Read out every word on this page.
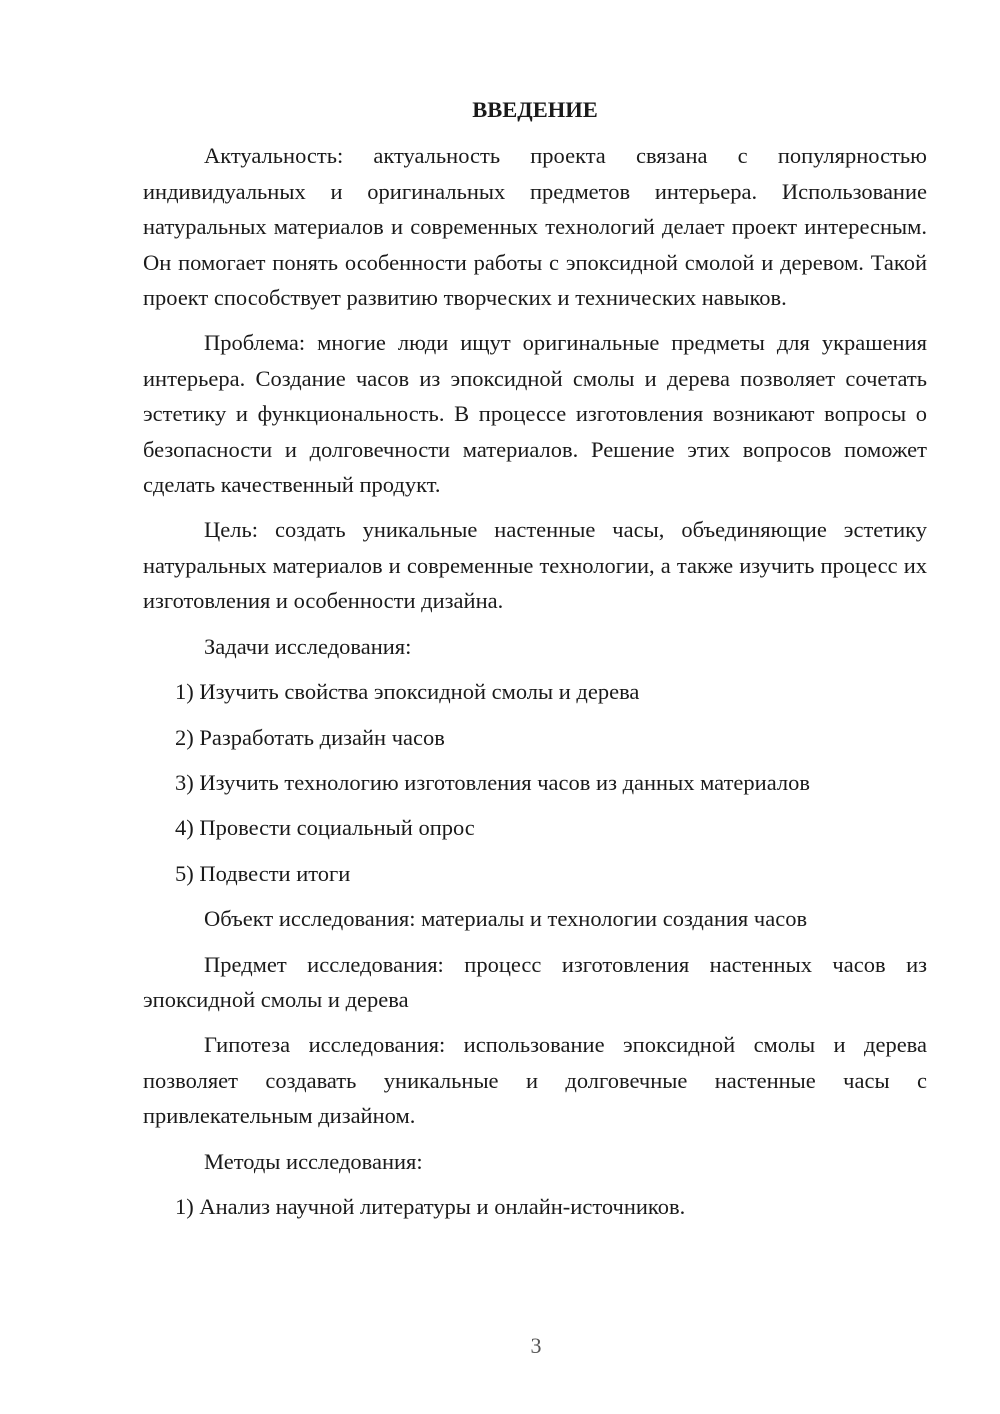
ВВЕДЕНИЕ

Актуальность: актуальность проекта связана с популярностью индивидуальных и оригинальных предметов интерьера. Использование натуральных материалов и современных технологий делает проект интересным. Он помогает понять особенности работы с эпоксидной смолой и деревом. Такой проект способствует развитию творческих и технических навыков.

Проблема: многие люди ищут оригинальные предметы для украшения интерьера. Создание часов из эпоксидной смолы и дерева позволяет сочетать эстетику и функциональность. В процессе изготовления возникают вопросы о безопасности и долговечности материалов. Решение этих вопросов поможет сделать качественный продукт.

Цель: создать уникальные настенные часы, объединяющие эстетику натуральных материалов и современные технологии, а также изучить процесс их изготовления и особенности дизайна.

Задачи исследования:
1) Изучить свойства эпоксидной смолы и дерева
2) Разработать дизайн часов
3) Изучить технологию изготовления часов из данных материалов
4) Провести социальный опрос
5) Подвести итоги
Объект исследования: материалы и технологии создания часов

Предмет исследования: процесс изготовления настенных часов из эпоксидной смолы и дерева

Гипотеза исследования: использование эпоксидной смолы и дерева позволяет создавать уникальные и долговечные настенные часы с привлекательным дизайном.

Методы исследования:
1) Анализ научной литературы и онлайн-источников.
3
